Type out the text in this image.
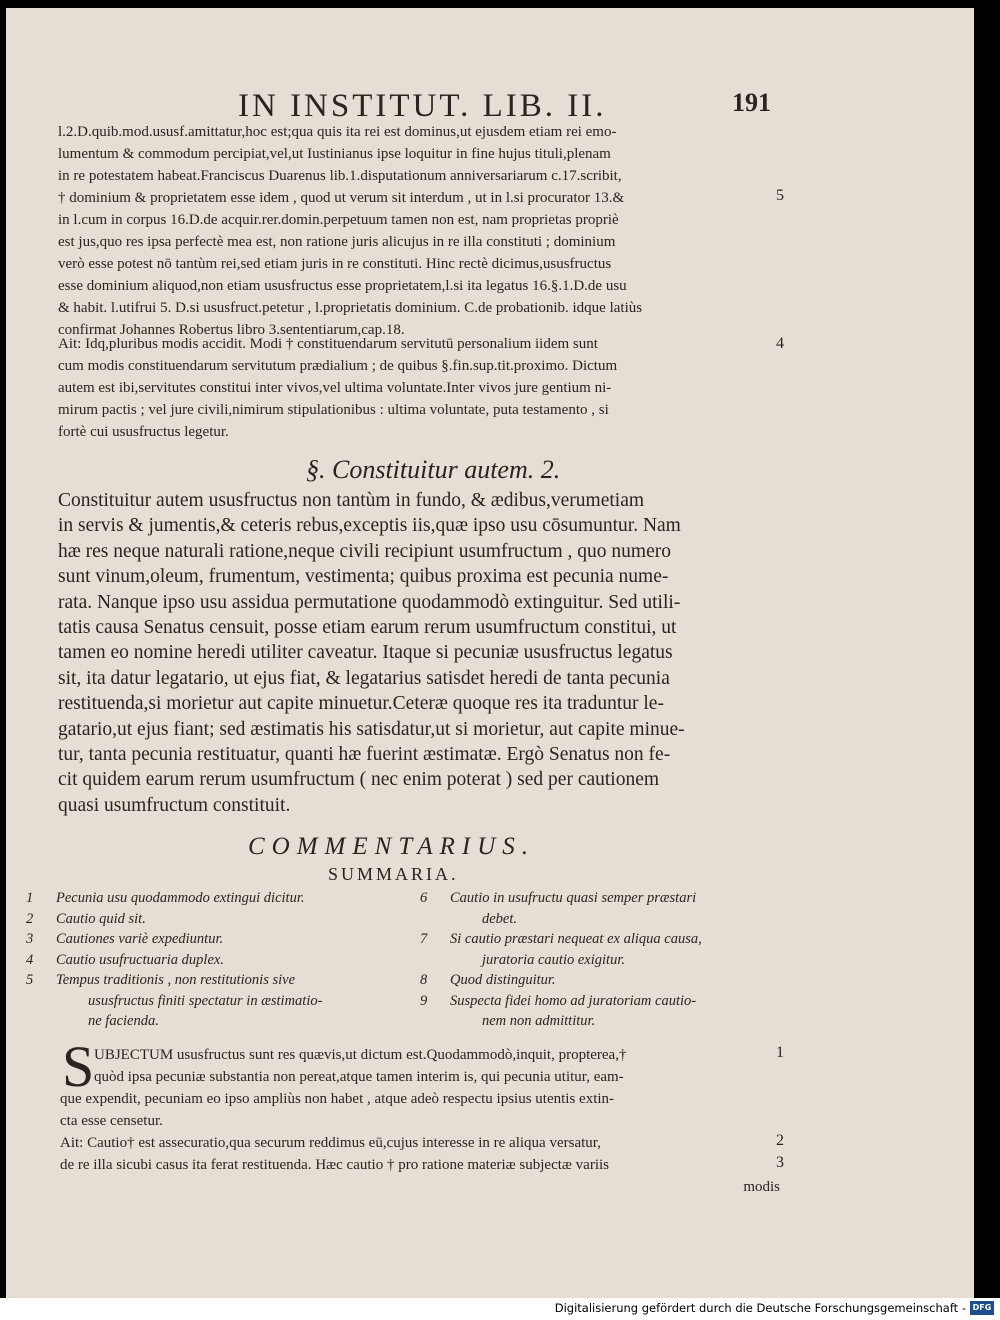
IN INSTITUT. LIB. II.	191
l.2.D.quib.mod.ususf.amittatur,hoc est;qua quis ita rei est dominus,ut ejusdem etiam rei emo-
lumentum & commodum percipiat,vel,ut Iustinianus ipse loquitur in fine hujus tituli,plenam
in re potestatem habeat.Franciscus Duarenus lib.1.disputationum anniversariarum c.17.scribit,
† dominium & proprietatem esse idem , quod ut verum sit interdum , ut in l.si procurator 13.&
in l.cum in corpus 16.D.de acquir.rer.domin.perpetuum tamen non est, nam proprietas propriè
est jus,quo res ipsa perfectè mea est, non ratione juris alicujus in re illa constituti ; dominium
verò esse potest nō tantùm rei,sed etiam juris in re constituti. Hinc rectè dicimus,ususfructus
esse dominium aliquod,non etiam ususfructus esse proprietatem,l.si ita legatus 16.§.1.D.de usu
& habit. l.utifrui 5. D.si ususfruct.petetur , l.proprietatis dominium. C.de probationib. idque latiùs
confirmat Johannes Robertus libro 3.sententiarum,cap.18.
5
Ait: Idq,pluribus modis accidit. Modi † constituendarum servitutū personalium iidem sunt
cum modis constituendarum servitutum prædialium ; de quibus §.fin.sup.tit.proximo. Dictum
autem est ibi,servitutes constitui inter vivos,vel ultima voluntate.Inter vivos jure gentium ni-
mirum pactis ; vel jure civili,nimirum stipulationibus : ultima voluntate, puta testamento , si
fortè cui ususfructus legetur.
4
§. Constituitur autem. 2.
Constituitur autem ususfructus non tantùm in fundo, & ædibus,verumetiam
in servis & jumentis,& ceteris rebus,exceptis iis,quæ ipso usu cōsumuntur. Nam
hæ res neque naturali ratione,neque civili recipiunt usumfructum , quo numero
sunt vinum,oleum, frumentum, vestimenta; quibus proxima est pecunia nume-
rata. Nanque ipso usu assidua permutatione quodammodò extinguitur. Sed utili-
tatis causa Senatus censuit, posse etiam earum rerum usumfructum constitui, ut
tamen eo nomine heredi utiliter caveatur. Itaque si pecuniæ ususfructus legatus
sit, ita datur legatario, ut ejus fiat, & legatarius satisdet heredi de tanta pecunia
restituenda,si morietur aut capite minuetur.Ceteræ quoque res ita traduntur le-
gatario,ut ejus fiant; sed æstimatis his satisdatur,ut si morietur, aut capite minue-
tur, tanta pecunia restituatur, quanti hæ fuerint æstimatæ. Ergò Senatus non fe-
cit quidem earum rerum usumfructum ( nec enim poterat ) sed per cautionem
quasi usumfructum constituit.
COMMENTARIUS.
SUMMARIA.
1 Pecunia usu quodammodo extingui dicitur.
2 Cautio quid sit.
3 Cautiones variè expediuntur.
4 Cautio usufructuaria duplex.
5 Tempus traditionis , non restitutionis sive
ususfructus finiti spectatur in æstimatio-
ne facienda.
6 Cautio in usufructu quasi semper præstari
debet.
7 Si cautio præstari nequeat ex aliqua causa,
juratoria cautio exigitur.
8 Quod distinguitur.
9 Suspecta fidei homo ad juratoriam cautio-
nem non admittitur.
S UBJECTUM ususfructus sunt res quævis,ut dictum est.Quodammodò,inquit, propterea,†
quòd ipsa pecuniæ substantia non pereat,atque tamen interim is, qui pecunia utitur, eam-
que expendit, pecuniam eo ipso ampliùs non habet , atque adeò respectu ipsius utentis extin-
cta esse censetur.
Ait: Cautio† est assecuratio,qua securum reddimus eū,cujus interesse in re aliqua versatur,
de re illa sicubi casus ita ferat restituenda. Hæc cautio † pro ratione materiæ subjectæ variis
modis
1
2
3
Digitalisierung gefördert durch die Deutsche Forschungsgemeinschaft - DFG
